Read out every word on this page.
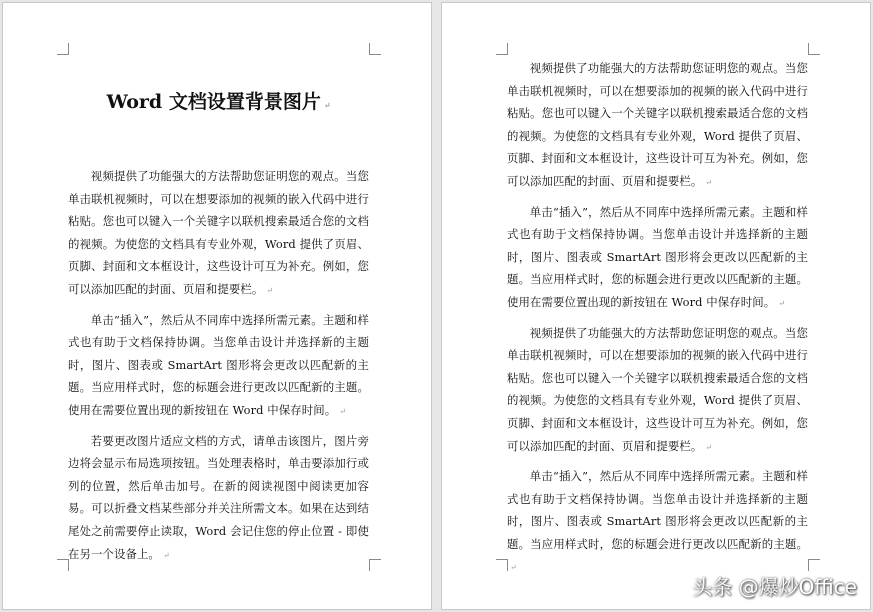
Word 文档设置背景图片 ↵

视频提供了功能强大的方法帮助您证明您的观点。当您单击联机视频时，可以在想要添加的视频的嵌入代码中进行粘贴。您也可以键入一个关键字以联机搜索最适合您的文档的视频。为使您的文档具有专业外观，Word 提供了页眉、页脚、封面和文本框设计，这些设计可互为补充。例如，您可以添加匹配的封面、页眉和提要栏。 ↵

单击“插入”，然后从不同库中选择所需元素。主题和样式也有助于文档保持协调。当您单击设计并选择新的主题时，图片、图表或 SmartArt 图形将会更改以匹配新的主题。当应用样式时，您的标题会进行更改以匹配新的主题。使用在需要位置出现的新按钮在 Word 中保存时间。 ↵

若要更改图片适应文档的方式，请单击该图片，图片旁边将会显示布局选项按钮。当处理表格时，单击要添加行或列的位置，然后单击加号。在新的阅读视图中阅读更加容易。可以折叠文档某些部分并关注所需文本。如果在达到结尾处之前需要停止读取，Word 会记住您的停止位置 - 即使在另一个设备上。 ↵

视频提供了功能强大的方法帮助您证明您的观点。当您单击联机视频时，可以在想要添加的视频的嵌入代码中进行粘贴。您也可以键入一个关键字以联机搜索最适合您的文档的视频。为使您的文档具有专业外观，Word 提供了页眉、页脚、封面和文本框设计，这些设计可互为补充。例如，您可以添加匹配的封面、页眉和提要栏。 ↵

单击“插入”，然后从不同库中选择所需元素。主题和样式也有助于文档保持协调。当您单击设计并选择新的主题时，图片、图表或 SmartArt 图形将会更改以匹配新的主题。当应用样式时，您的标题会进行更改以匹配新的主题。使用在需要位置出现的新按钮在 Word 中保存时间。 ↵

视频提供了功能强大的方法帮助您证明您的观点。当您单击联机视频时，可以在想要添加的视频的嵌入代码中进行粘贴。您也可以键入一个关键字以联机搜索最适合您的文档的视频。为使您的文档具有专业外观，Word 提供了页眉、页脚、封面和文本框设计，这些设计可互为补充。例如，您可以添加匹配的封面、页眉和提要栏。 ↵

单击“插入”，然后从不同库中选择所需元素。主题和样式也有助于文档保持协调。当您单击设计并选择新的主题时，图片、图表或 SmartArt 图形将会更改以匹配新的主题。当应用样式时，您的标题会进行更改以匹配新的主题。↵

头条 @爆炒Office
